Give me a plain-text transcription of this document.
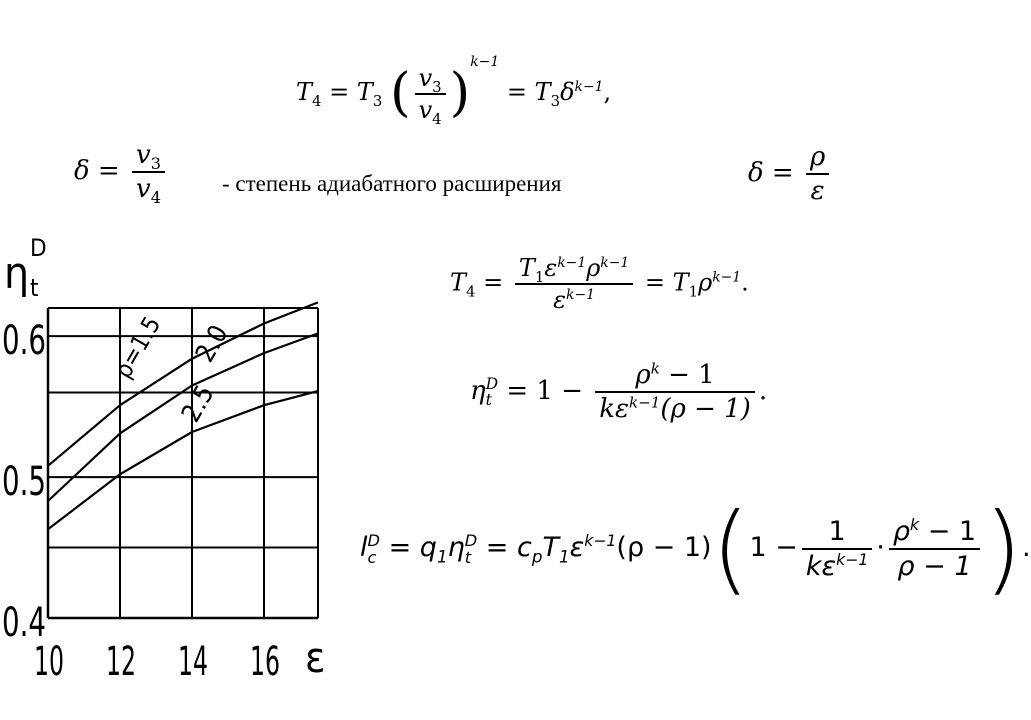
$T_4 = T_3$ ( $\frac{v_3}{v_4} )^{k-1} = T_3\delta^{k-1}$,
$\delta = \frac{v_3}{v_4}$ - степень адиабатного расширения	$\delta = \frac{\rho}{\varepsilon}$
$T_4 = \frac{T_1\varepsilon^{k-1}\rho^{k-1}}{\varepsilon^{k-1}} = T_1\rho^{k-1}$.
η D
$t = 1 - \frac{\rho^k - 1}{k\varepsilon^{k-1}(\rho - 1)}$ .
l D
$c = q_1\eta$ D
$t = c_pT_1\varepsilon^{k-1}(\rho - 1)(1 - \frac{1}{k\varepsilon^{k-1}} \cdot \frac{\rho^k - 1}{\rho - 1}$ ).
ρ=1.5 2.0
2.5
0.6
0.5
0.4
10 12 14 16 ε
η D
t
